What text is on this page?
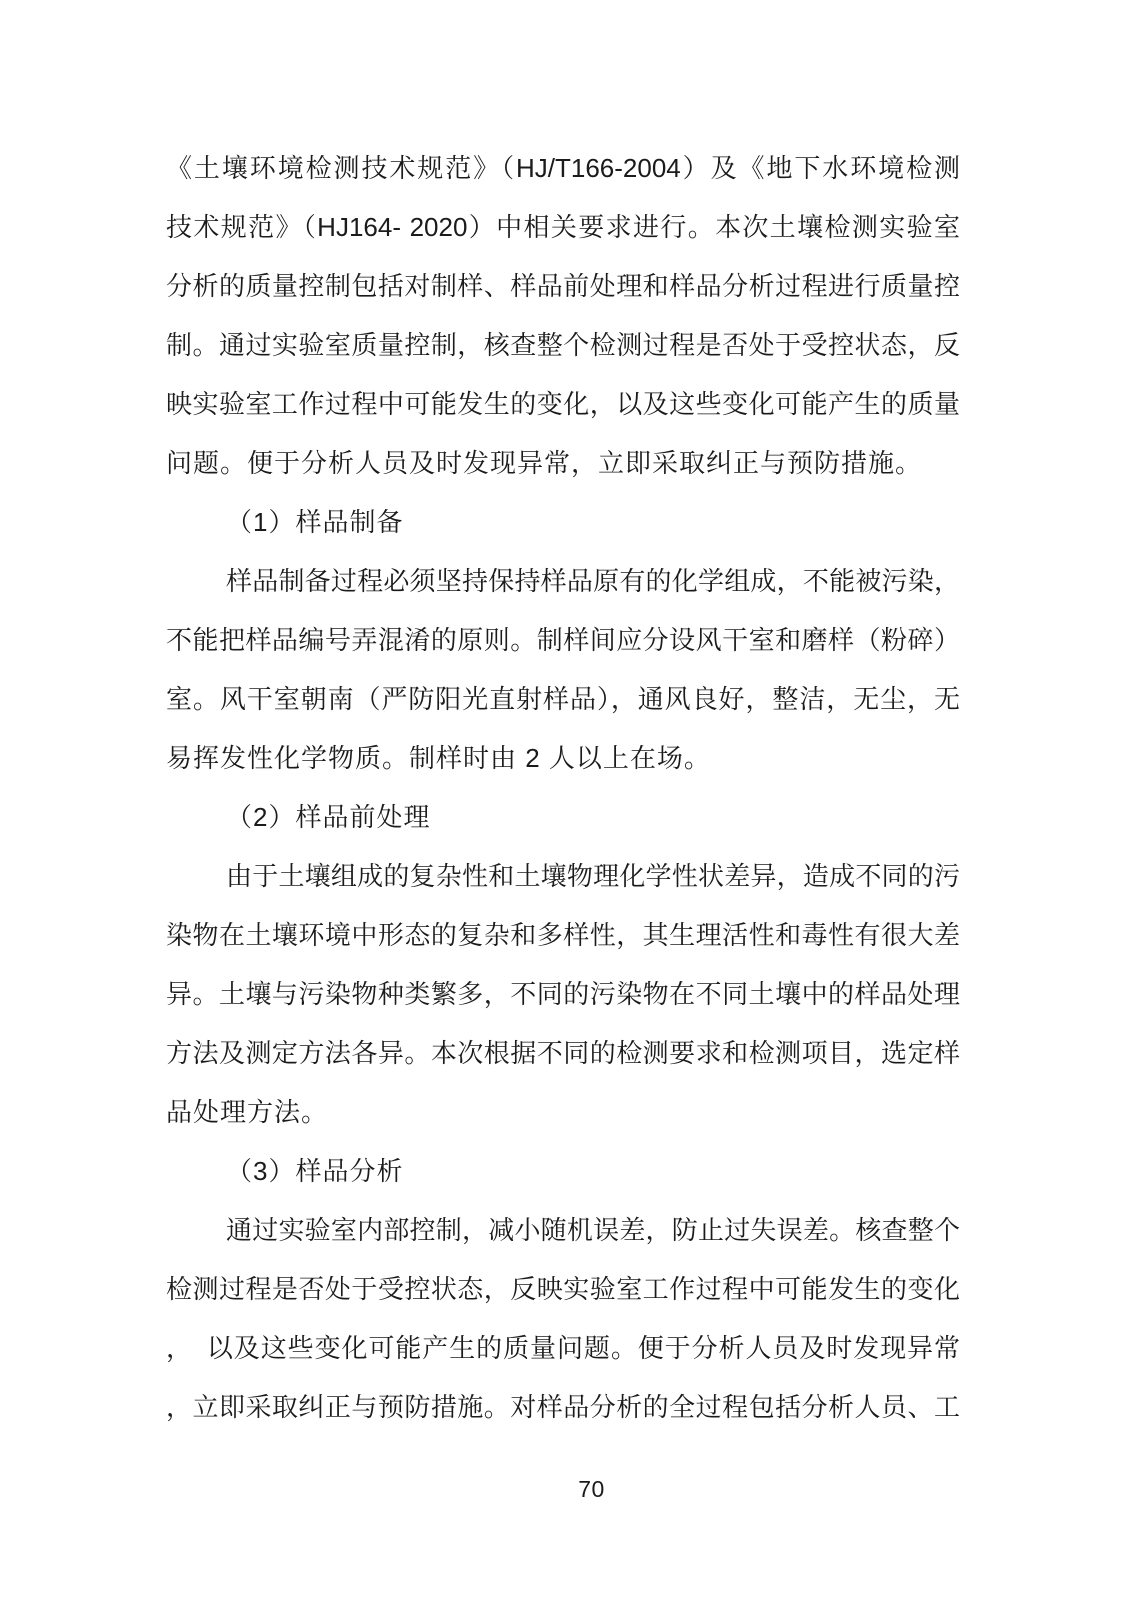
《土壤环境检测技术规范》（HJ/T166-2004）及《地下水环境检测
技术规范》（HJ164- 2020）中相关要求进行。本次土壤检测实验室
分析的质量控制包括对制样、样品前处理和样品分析过程进行质量控
制。通过实验室质量控制，核查整个检测过程是否处于受控状态，反
映实验室工作过程中可能发生的变化，以及这些变化可能产生的质量
问题。便于分析人员及时发现异常，立即采取纠正与预防措施。
（1）样品制备
样品制备过程必须坚持保持样品原有的化学组成，不能被污染，
不能把样品编号弄混淆的原则。制样间应分设风干室和磨样（粉碎）
室。风干室朝南（严防阳光直射样品），通风良好，整洁，无尘，无
易挥发性化学物质。制样时由 2 人以上在场。
（2）样品前处理
由于土壤组成的复杂性和土壤物理化学性状差异，造成不同的污
染物在土壤环境中形态的复杂和多样性，其生理活性和毒性有很大差
异。土壤与污染物种类繁多，不同的污染物在不同土壤中的样品处理
方法及测定方法各异。本次根据不同的检测要求和检测项目，选定样
品处理方法。
（3）样品分析
通过实验室内部控制，减小随机误差，防止过失误差。核查整个
检测过程是否处于受控状态，反映实验室工作过程中可能发生的变化
，　以及这些变化可能产生的质量问题。便于分析人员及时发现异常
，立即采取纠正与预防措施。对样品分析的全过程包括分析人员、工
70
